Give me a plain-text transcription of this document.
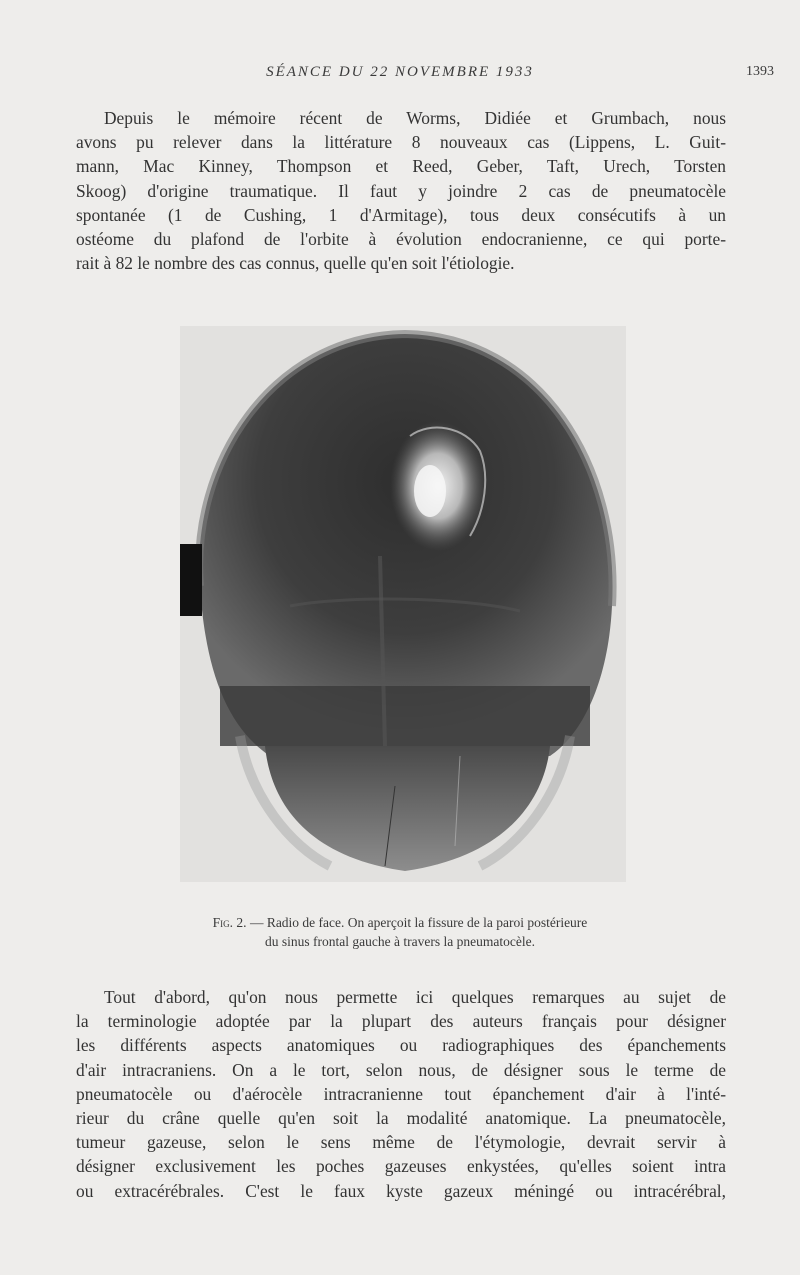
SÉANCE DU 22 NOVEMBRE 1933	1393
Depuis le mémoire récent de Worms, Didiée et Grumbach, nous
avons pu relever dans la littérature 8 nouveaux cas (Lippens, L. Guit-
mann, Mac Kinney, Thompson et Reed, Geber, Taft, Urech, Torsten
Skoog) d'origine traumatique. Il faut y joindre 2 cas de pneumatocèle
spontanée (1 de Cushing, 1 d'Armitage), tous deux consécutifs à un
ostéome du plafond de l'orbite à évolution endocranienne, ce qui porte-
rait à 82 le nombre des cas connus, quelle qu'en soit l'étiologie.
Fig. 2. — Radio de face. On aperçoit la fissure de la paroi postérieure
du sinus frontal gauche à travers la pneumatocèle.
Tout d'abord, qu'on nous permette ici quelques remarques au sujet de
la terminologie adoptée par la plupart des auteurs français pour désigner
les différents aspects anatomiques ou radiographiques des épanchements
d'air intracraniens. On a le tort, selon nous, de désigner sous le terme de
pneumatocèle ou d'aérocèle intracranienne tout épanchement d'air à l'inté-
rieur du crâne quelle qu'en soit la modalité anatomique. La pneumatocèle,
tumeur gazeuse, selon le sens même de l'étymologie, devrait servir à
désigner exclusivement les poches gazeuses enkystées, qu'elles soient intra
ou extracérébrales. C'est le faux kyste gazeux méningé ou intracérébral,
